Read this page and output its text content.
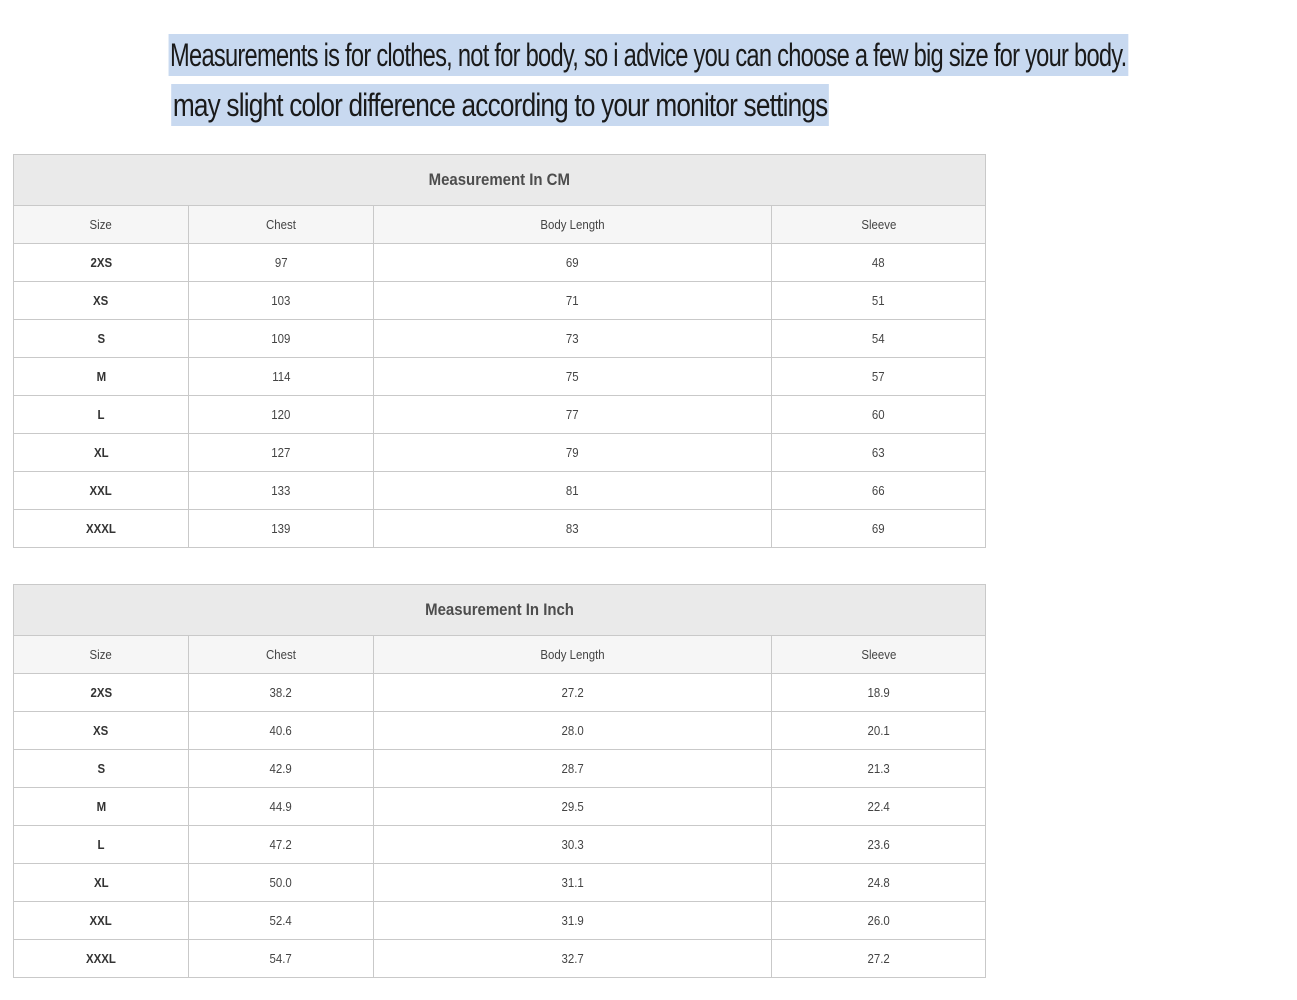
Measurements is for clothes, not for body, so i advice you can choose a few big size for your body.
may slight color difference according to your monitor settings
Measurement In CM			
Size	Chest	Body Length	Sleeve
2XS	97	69	48
XS	103	71	51
S	109	73	54
M	114	75	57
L	120	77	60
XL	127	79	63
XXL	133	81	66
XXXL	139	83	69
Measurement In Inch			
Size	Chest	Body Length	Sleeve
2XS	38.2	27.2	18.9
XS	40.6	28.0	20.1
S	42.9	28.7	21.3
M	44.9	29.5	22.4
L	47.2	30.3	23.6
XL	50.0	31.1	24.8
XXL	52.4	31.9	26.0
XXXL	54.7	32.7	27.2
